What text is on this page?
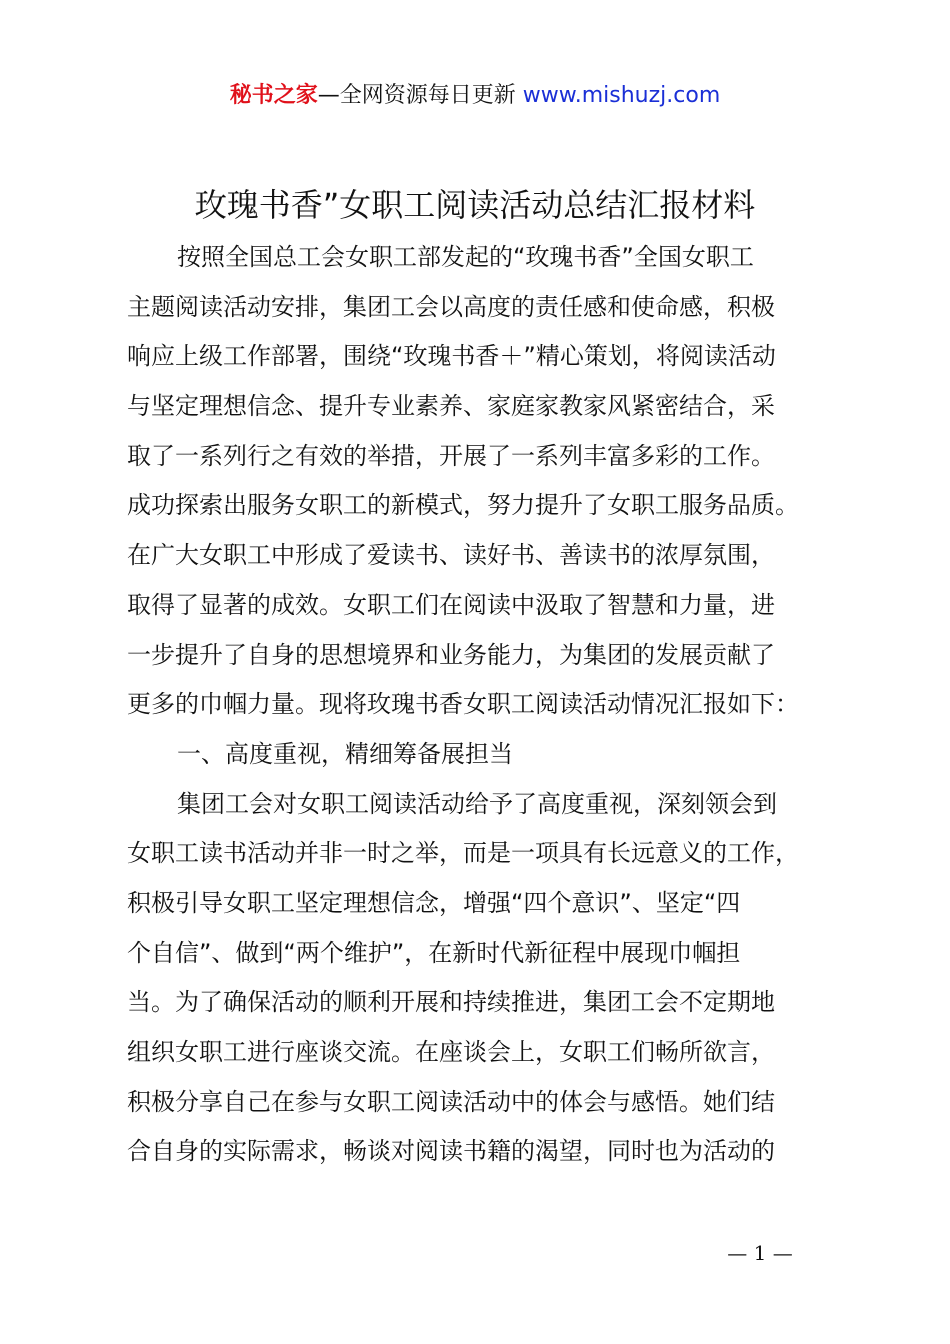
秘书之家—全网资源每日更新 www.mishuzj.com
玫瑰书香”女职工阅读活动总结汇报材料
按照全国总工会女职工部发起的“玫瑰书香”全国女职工
主题阅读活动安排，集团工会以高度的责任感和使命感，积极
响应上级工作部署，围绕“玫瑰书香＋”精心策划，将阅读活动
与坚定理想信念、提升专业素养、家庭家教家风紧密结合，采
取了一系列行之有效的举措，开展了一系列丰富多彩的工作。
成功探索出服务女职工的新模式，努力提升了女职工服务品质。
在广大女职工中形成了爱读书、读好书、善读书的浓厚氛围，
取得了显著的成效。女职工们在阅读中汲取了智慧和力量，进
一步提升了自身的思想境界和业务能力，为集团的发展贡献了
更多的巾帼力量。现将玫瑰书香女职工阅读活动情况汇报如下：
一、高度重视，精细筹备展担当
集团工会对女职工阅读活动给予了高度重视，深刻领会到
女职工读书活动并非一时之举，而是一项具有长远意义的工作，
积极引导女职工坚定理想信念，增强“四个意识”、坚定“四
个自信”、做到“两个维护”，在新时代新征程中展现巾帼担
当。为了确保活动的顺利开展和持续推进，集团工会不定期地
组织女职工进行座谈交流。在座谈会上，女职工们畅所欲言，
积极分享自己在参与女职工阅读活动中的体会与感悟。她们结
合自身的实际需求，畅谈对阅读书籍的渴望，同时也为活动的
— 1 —
